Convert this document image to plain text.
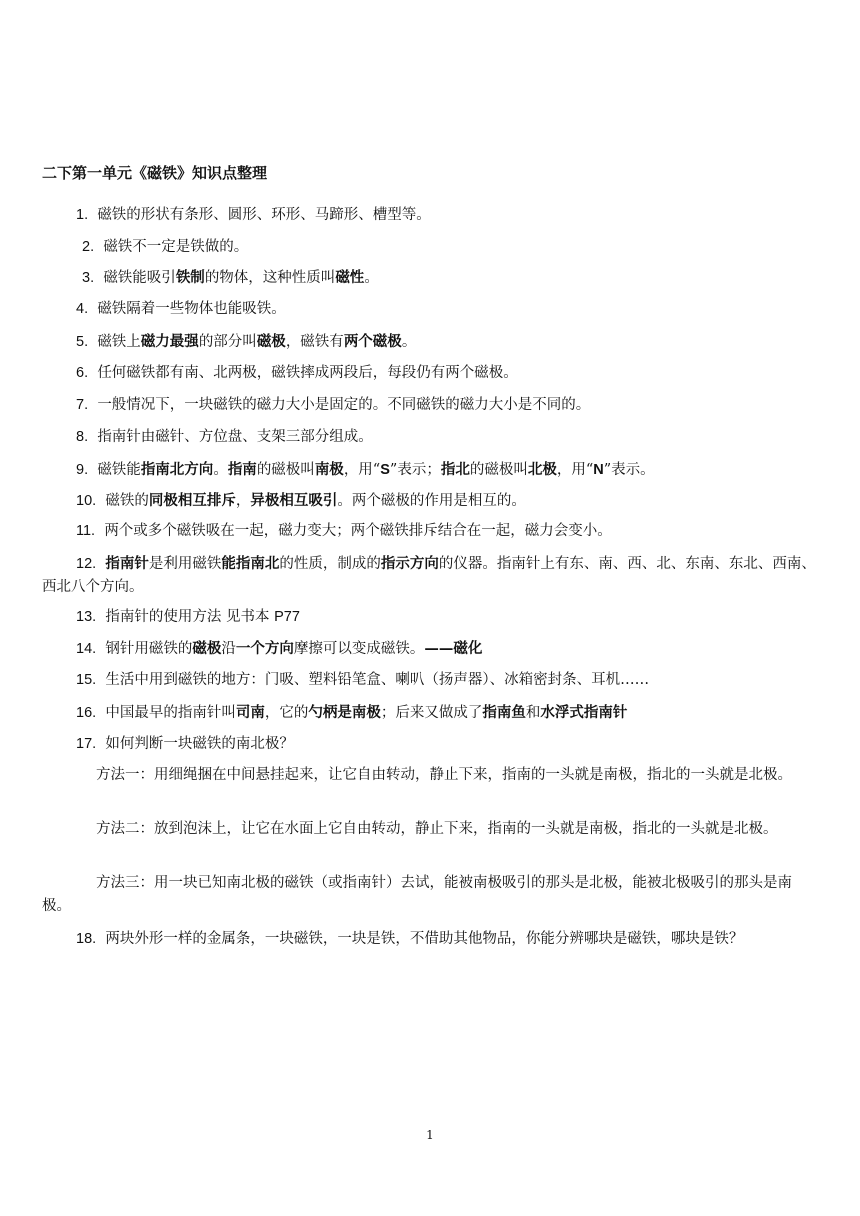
二下第一单元《磁铁》知识点整理
1. 磁铁的形状有条形、圆形、环形、马蹄形、槽型等。
2. 磁铁不一定是铁做的。
3. 磁铁能吸引铁制的物体，这种性质叫磁性。
4. 磁铁隔着一些物体也能吸铁。
5. 磁铁上磁力最强的部分叫磁极，磁铁有两个磁极。
6. 任何磁铁都有南、北两极，磁铁摔成两段后，每段仍有两个磁极。
7. 一般情况下，一块磁铁的磁力大小是固定的。不同磁铁的磁力大小是不同的。
8. 指南针由磁针、方位盘、支架三部分组成。
9. 磁铁能指南北方向。指南的磁极叫南极，用“S”表示；指北的磁极叫北极，用“N”表示。
10. 磁铁的同极相互排斥，异极相互吸引。两个磁极的作用是相互的。
11. 两个或多个磁铁吸在一起，磁力变大；两个磁铁排斥结合在一起，磁力会变小。
12. 指南针是利用磁铁能指南北的性质，制成的指示方向的仪器。指南针上有东、南、西、北、东南、东北、西南、西北八个方向。
13. 指南针的使用方法 见书本 P77
14. 钢针用磁铁的磁极沿一个方向摩擦可以变成磁铁。——磁化
15. 生活中用到磁铁的地方：门吸、塑料铅笔盒、喇叭（扬声器）、冰箱密封条、耳机……
16. 中国最早的指南针叫司南，它的勺柄是南极；后来又做成了指南鱼和水浮式指南针
17. 如何判断一块磁铁的南北极？
方法一：用细绳捆在中间悬挂起来，让它自由转动，静止下来，指南的一头就是南极，指北的一头就是北极。
方法二：放到泡沫上，让它在水面上它自由转动，静止下来，指南的一头就是南极，指北的一头就是北极。
方法三：用一块已知南北极的磁铁（或指南针）去试，能被南极吸引的那头是北极，能被北极吸引的那头是南极。
18. 两块外形一样的金属条，一块磁铁，一块是铁，不借助其他物品，你能分辨哪块是磁铁，哪块是铁？
1
